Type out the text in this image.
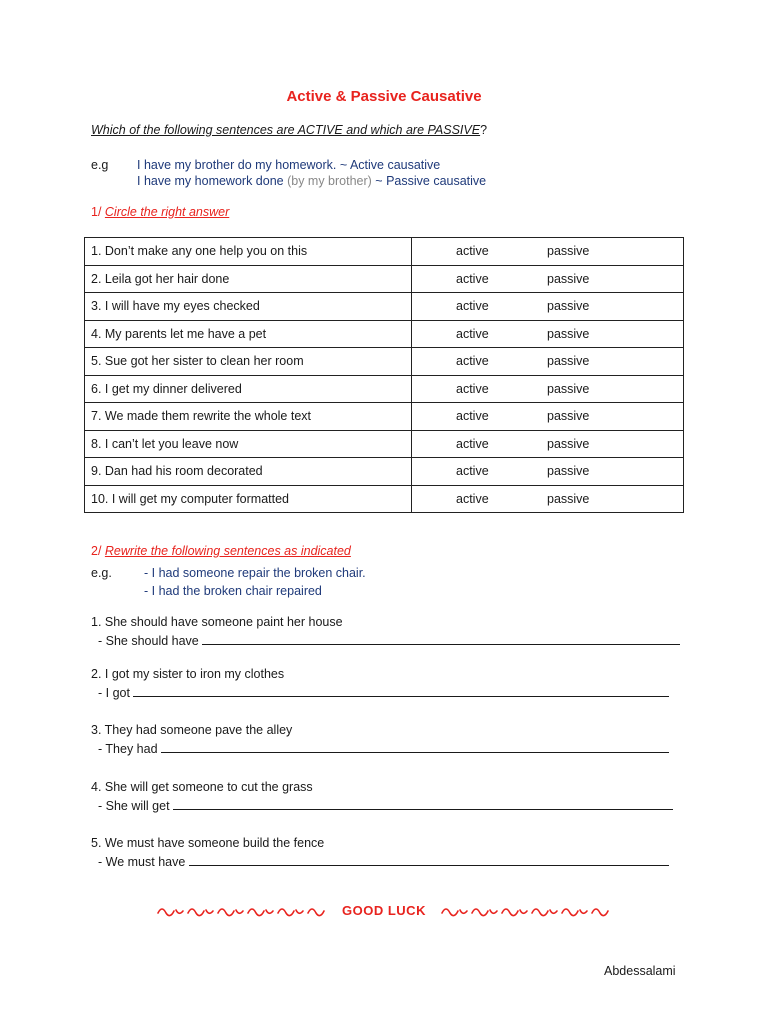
Active & Passive Causative
Which of the following sentences are ACTIVE and which are PASSIVE?
e.g I have my brother do my homework. ~ Active causative
I have my homework done (by my brother) ~ Passive causative
1/ Circle the right answer
1. Don’t make any one help you on this	active passive
2. Leila got her hair done	active passive
3. I will have my eyes checked	active passive
4. My parents let me have a pet	active passive
5. Sue got her sister to clean her room	active passive
6. I get my dinner delivered	active passive
7. We made them rewrite the whole text	active passive
8. I can’t let you leave now	active passive
9. Dan had his room decorated	active passive
10. I will get my computer formatted	active passive
2/ Rewrite the following sentences as indicated
e.g.	- I had someone repair the broken chair.
- I had the broken chair repaired
1. She should have someone paint her house
- She should have
2. I got my sister to iron my clothes
- I got
3. They had someone pave the alley
- They had
4. She will get someone to cut the grass
- She will get
5. We must have someone build the fence
- We must have
GOOD LUCK
Abdessalami
